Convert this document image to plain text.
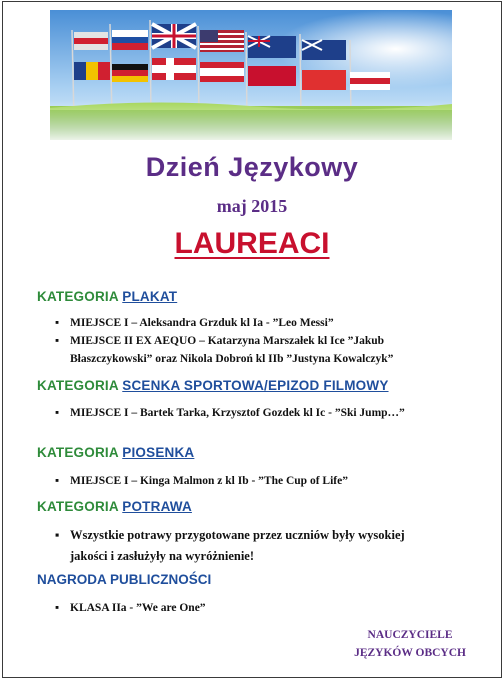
Dzień Językowy
maj 2015
LAUREACI
KATEGORIA PLAKAT
▪ MIEJSCE I – Aleksandra Grzduk kl Ia - ”Leo Messi”
▪ MIEJSCE II EX AEQUO – Katarzyna Marszałek kl Ice ”Jakub Błaszczykowski” oraz Nikola Dobroń kl IIb ”Justyna Kowalczyk”
KATEGORIA SCENKA SPORTOWA/EPIZOD FILMOWY
▪ MIEJSCE I – Bartek Tarka, Krzysztof Gozdek kl Ic - ”Ski Jump…”
KATEGORIA PIOSENKA
▪ MIEJSCE I – Kinga Malmon z kl Ib - ”The Cup of Life”
KATEGORIA POTRAWA
▪ Wszystkie potrawy przygotowane przez uczniów były wysokiej jakości i zasłużyły na wyróżnienie!
NAGRODA PUBLICZNOŚCI
▪ KLASA IIa - ”We are One”
NAUCZYCIELE
JĘZYKÓW OBCYCH
